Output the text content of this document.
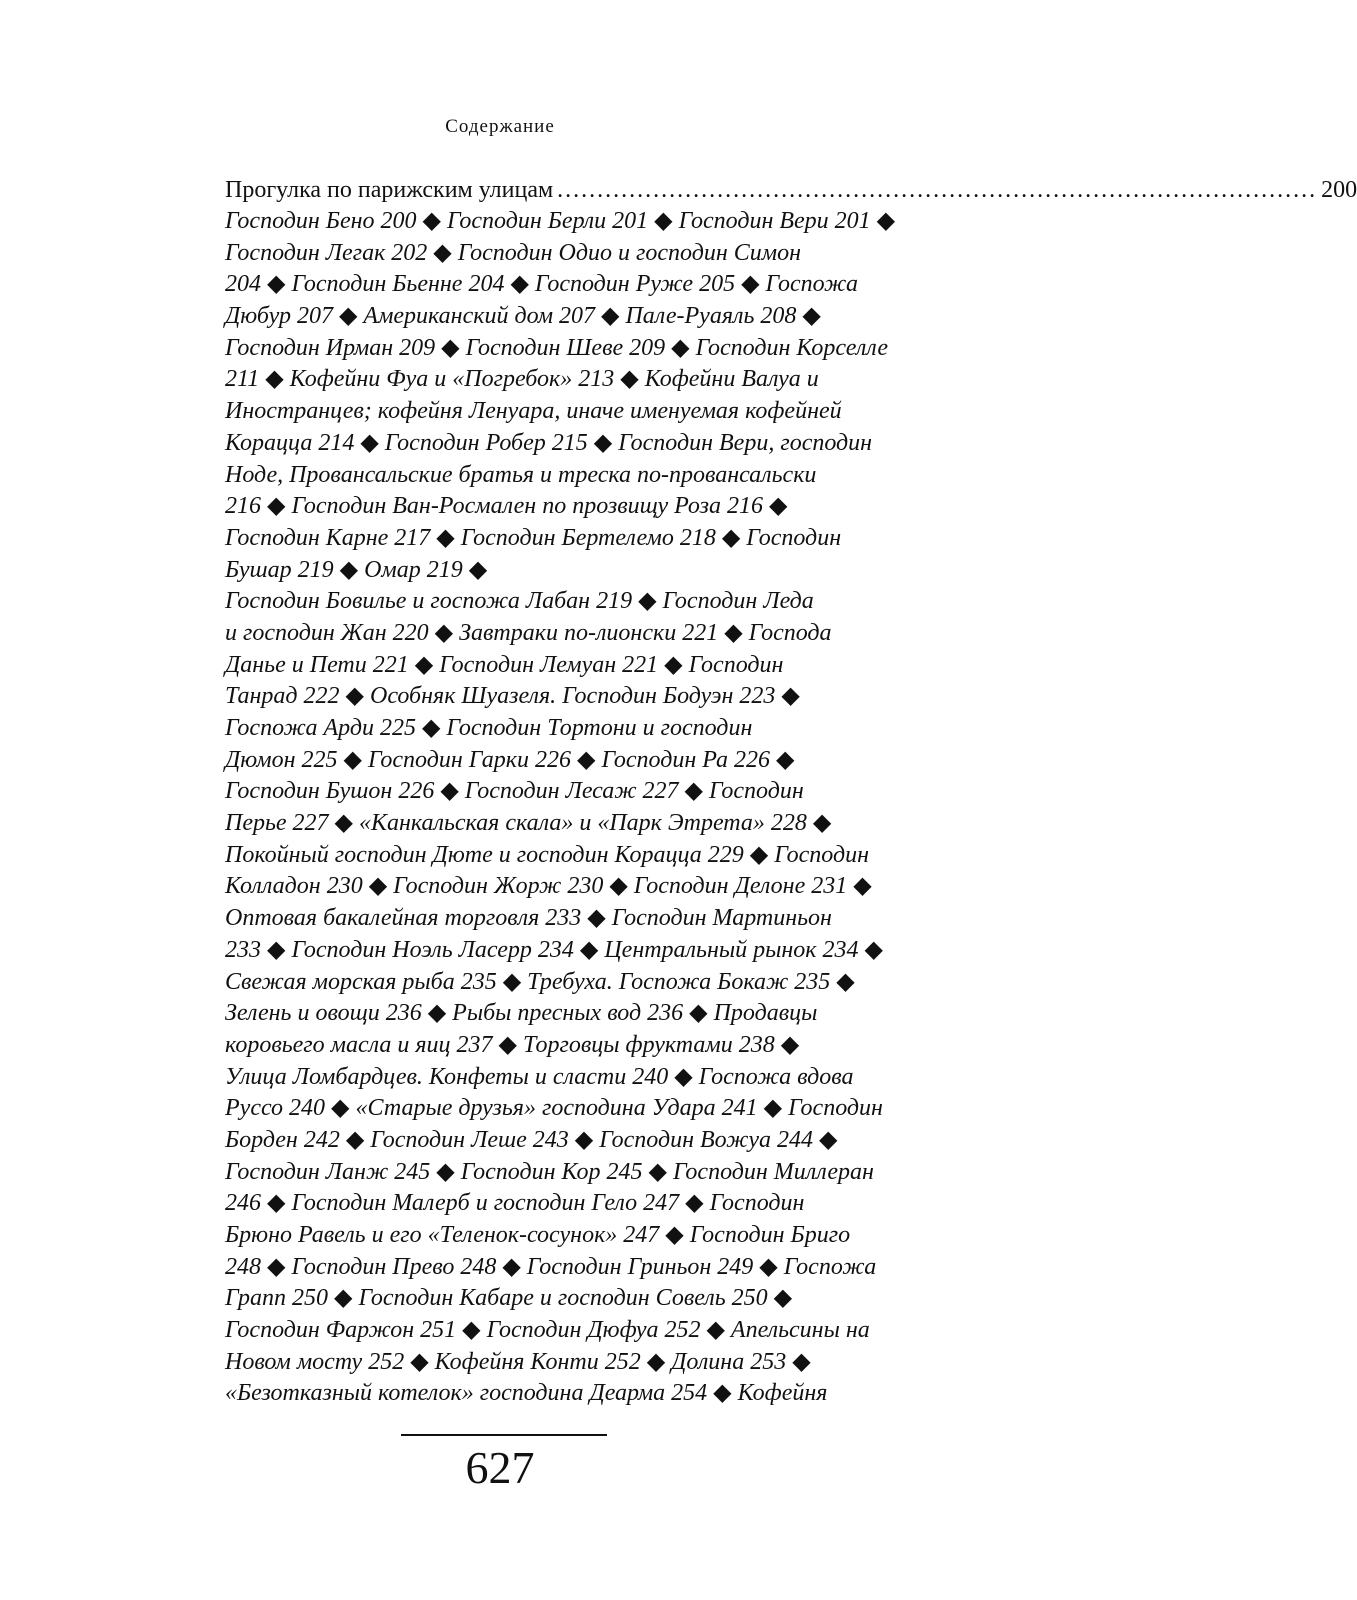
Содержание
Прогулка по парижским улицам ............................................................................................... 200
Господин Бено 200 ◆ Господин Берли 201 ◆ Господин Вери 201 ◆
Господин Легак 202 ◆ Господин Одио и господин Симон
204 ◆ Господин Бьенне 204 ◆ Господин Руже 205 ◆ Госпожа
Дюбур 207 ◆ Американский дом 207 ◆ Пале-Руаяль 208 ◆
Господин Ирман 209 ◆ Господин Шеве 209 ◆ Господин Корселле
211 ◆ Кофейни Фуа и «Погребок» 213 ◆ Кофейни Валуа и
Иностранцев; кофейня Ленуара, иначе именуемая кофейней
Корацца 214 ◆ Господин Робер 215 ◆ Господин Вери, господин
Ноде, Провансальские братья и треска по-провансальски
216 ◆ Господин Ван-Росмален по прозвищу Роза 216 ◆
Господин Карне 217 ◆ Господин Бертелемо 218 ◆ Господин
Бушар 219 ◆ Омар 219 ◆
Господин Бовилье и госпожа Лабан 219 ◆ Господин Леда
и господин Жан 220 ◆ Завтраки по-лионски 221 ◆ Господа
Данье и Пети 221 ◆ Господин Лемуан 221 ◆ Господин
Танрад 222 ◆ Особняк Шуазеля. Господин Бодуэн 223 ◆
Госпожа Арди 225 ◆ Господин Тортони и господин
Дюмон 225 ◆ Господин Гарки 226 ◆ Господин Ра 226 ◆
Господин Бушон 226 ◆ Господин Лесаж 227 ◆ Господин
Перье 227 ◆ «Канкальская скала» и «Парк Этрета» 228 ◆
Покойный господин Дюте и господин Корацца 229 ◆ Господин
Колладон 230 ◆ Господин Жорж 230 ◆ Господин Делоне 231 ◆
Оптовая бакалейная торговля 233 ◆ Господин Мартиньон
233 ◆ Господин Ноэль Ласерр 234 ◆ Центральный рынок 234 ◆
Свежая морская рыба 235 ◆ Требуха. Госпожа Бокаж 235 ◆
Зелень и овощи 236 ◆ Рыбы пресных вод 236 ◆ Продавцы
коровьего масла и яиц 237 ◆ Торговцы фруктами 238 ◆
Улица Ломбардцев. Конфеты и сласти 240 ◆ Госпожа вдова
Руссо 240 ◆ «Старые друзья» господина Удара 241 ◆ Господин
Борден 242 ◆ Господин Леше 243 ◆ Господин Вожуа 244 ◆
Господин Ланж 245 ◆ Господин Кор 245 ◆ Господин Миллеран
246 ◆ Господин Малерб и господин Гело 247 ◆ Господин
Брюно Равель и его «Теленок-сосунок» 247 ◆ Господин Бриго
248 ◆ Господин Прево 248 ◆ Господин Гриньон 249 ◆ Госпожа
Грапп 250 ◆ Господин Кабаре и господин Совель 250 ◆
Господин Фаржон 251 ◆ Господин Дюфуа 252 ◆ Апельсины на
Новом мосту 252 ◆ Кофейня Конти 252 ◆ Долина 253 ◆
«Безотказный котелок» господина Деарма 254 ◆ Кофейня
627
